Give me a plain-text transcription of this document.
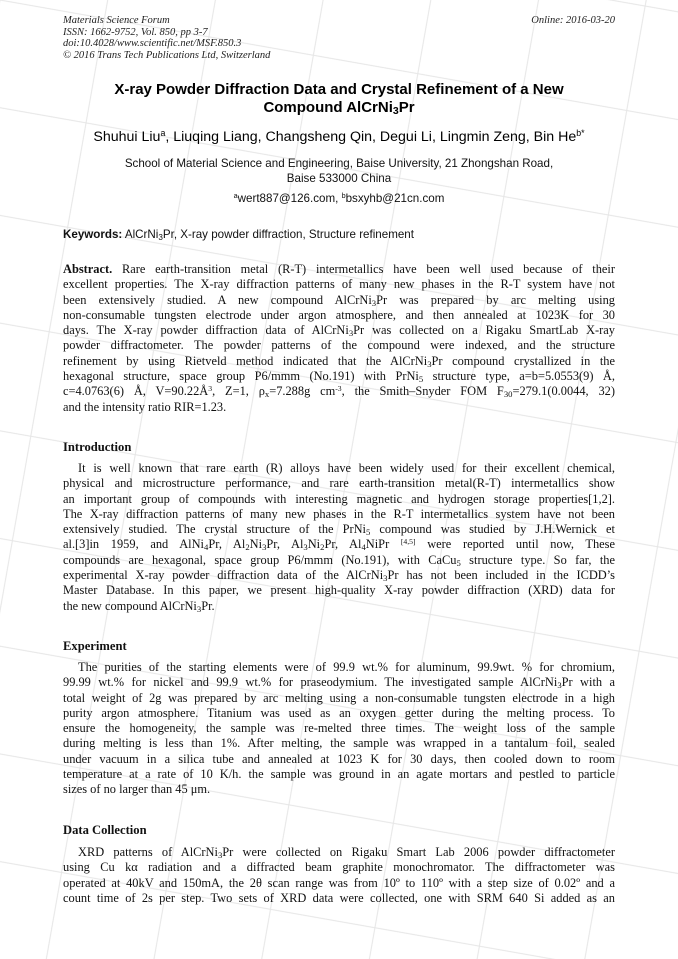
Materials Science Forum
ISSN: 1662-9752, Vol. 850, pp 3-7
doi:10.4028/www.scientific.net/MSF.850.3
© 2016 Trans Tech Publications Ltd, Switzerland
Online: 2016-03-20
X-ray Powder Diffraction Data and Crystal Refinement of a New
Compound AlCrNi$_3$Pr
Shuhui Liu$^a$, Liuqing Liang, Changsheng Qin, Degui Li, Lingmin Zeng, Bin $He^{b*}$
School of Material Science and Engineering, Baise University, 21 Zhongshan Road,
Baise 533000 China
$^a$wert887@126.com, $^b$bsxyhb@21cn.com
Keywords: AlCrNi$_3$Pr, X-ray powder diffraction, Structure refinement
Abstract. Rare earth-transition metal (R-T) intermetallics have been well used because of their
excellent properties. The X-ray diffraction patterns of many new phases in the R-T system have not
been extensively studied. A new compound AlCrNi$_3$Pr was prepared by arc melting using
non-consumable tungsten electrode under argon atmosphere, and then annealed at 1023K for 30
days. The X-ray powder diffraction data of AlCrNi$_3$Pr was collected on a Rigaku SmartLab X-ray
powder diffractometer. The powder patterns of the compound were indexed, and the structure
refinement by using Rietveld method indicated that the AlCrNi$_3$Pr compound crystallized in the
hexagonal structure, space group P6/mmm (No.191) with PrNi$_5$ structure type, a=b=5.0553(9) Å,
c=4.0763(6) Å, $V=90.22Å^3$, Z=1, $\rho_x=7.288g$ $cm^{-3}$, the Smith–Snyder FOM $F_{30}=279.1(0.0044$, 32)
and the intensity ratio RIR=1.23.
Introduction
It is well known that rare earth (R) alloys have been widely used for their excellent chemical,
physical and microstructure performance, and rare earth-transition metal(R-T) intermetallics show
an important group of compounds with interesting magnetic and hydrogen storage properties[1,2].
The X-ray diffraction patterns of many new phases in the R-T intermetallics system have not been
extensively studied. The crystal structure of the PrNi$_5$ compound was studied by J.H.Wernick et
al.[3]in 1959, and AlNi$_4$Pr, $Al_2Ni_3Pr$, $Al_3Ni_2Pr$, $Al_4NiPr$ [4,5] were reported until now, These
compounds are hexagonal, space group P6/mmm (No.191), with CaCu$_5$ structure type. So far, the
experimental X-ray powder diffraction data of the AlCrNi$_3$Pr has not been included in the ICDD’s
Master Database. In this paper, we present high-quality X-ray powder diffraction (XRD) data for
the new compound AlCrNi$_3$Pr.
Experiment
The purities of the starting elements were of 99.9 wt.% for aluminum, 99.9wt. % for chromium,
99.99 wt.% for nickel and 99.9 wt.% for praseodymium. The investigated sample AlCrNi$_3$Pr with a
total weight of 2g was prepared by arc melting using a non-consumable tungsten electrode in a high
purity argon atmosphere. Titanium was used as an oxygen getter during the melting process. To
ensure the homogeneity, the sample was re-melted three times. The weight loss of the sample
during melting is less than 1%. After melting, the sample was wrapped in a tantalum foil, sealed
under vacuum in a silica tube and annealed at 1023 K for 30 days, then cooled down to room
temperature at a rate of 10 K/h. the sample was ground in an agate mortars and pestled to particle
sizes of no larger than 45 μm.
Data Collection
XRD patterns of AlCrNi$_3$Pr were collected on Rigaku Smart Lab 2006 powder diffractometer
using Cu kα radiation and a diffracted beam graphite monochromator. The diffractometer was
operated at 40kV and 150mA, the 2θ scan range was from 10º to 110º with a step size of 0.02º and a
count time of 2s per step. Two sets of XRD data were collected, one with SRM 640 Si added as an
